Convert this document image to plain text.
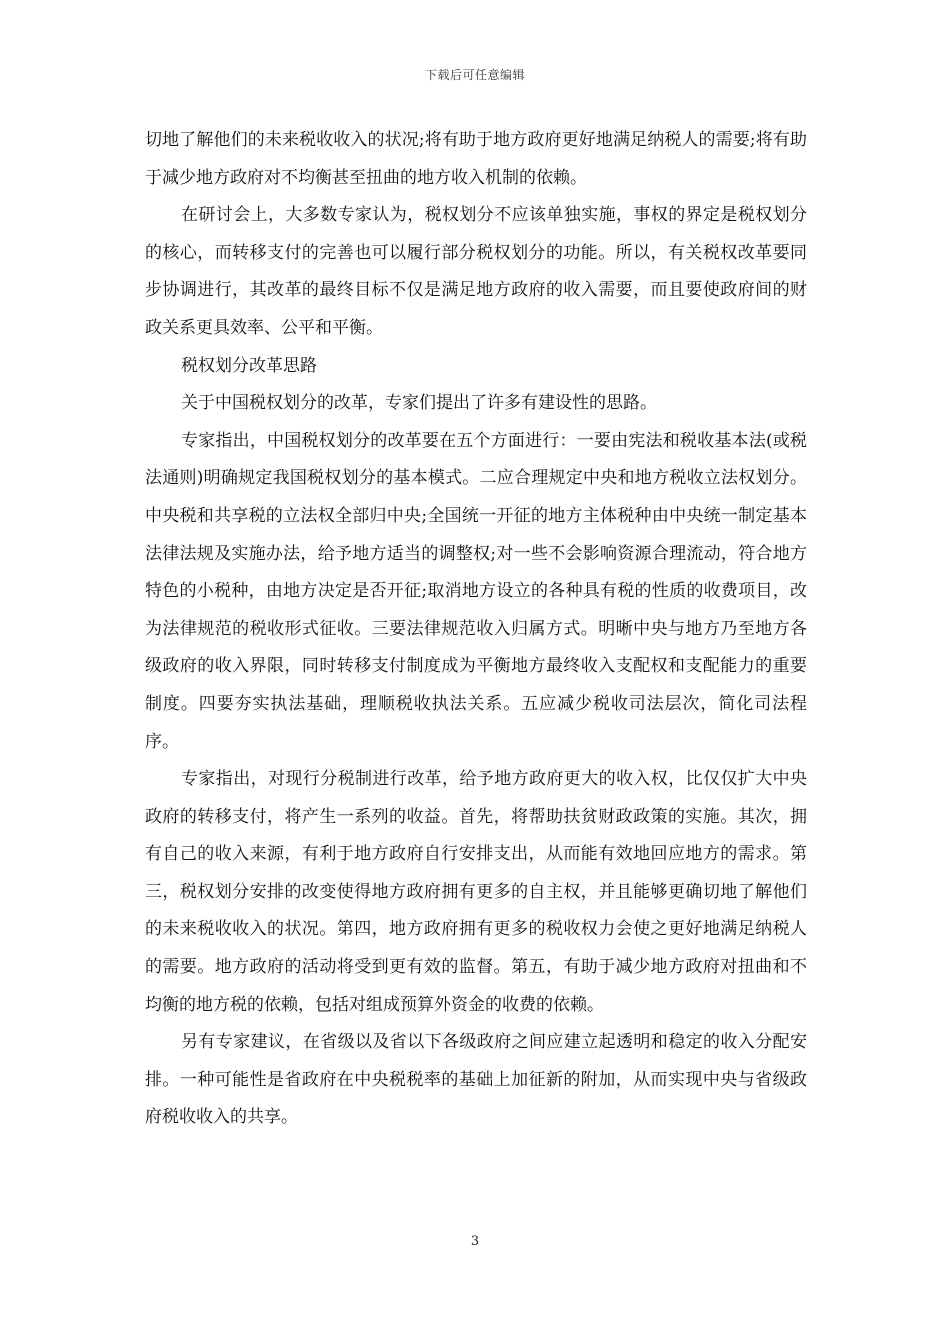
下载后可任意编辑

切地了解他们的未来税收收入的状况;将有助于地方政府更好地满足纳税人的需要;将有助于减少地方政府对不均衡甚至扭曲的地方收入机制的依赖。

在研讨会上，大多数专家认为，税权划分不应该单独实施，事权的界定是税权划分的核心，而转移支付的完善也可以履行部分税权划分的功能。所以，有关税权改革要同步协调进行，其改革的最终目标不仅是满足地方政府的收入需要，而且要使政府间的财政关系更具效率、公平和平衡。

税权划分改革思路

关于中国税权划分的改革，专家们提出了许多有建设性的思路。

专家指出，中国税权划分的改革要在五个方面进行：一要由宪法和税收基本法(或税法通则)明确规定我国税权划分的基本模式。二应合理规定中央和地方税收立法权划分。中央税和共享税的立法权全部归中央;全国统一开征的地方主体税种由中央统一制定基本法律法规及实施办法，给予地方适当的调整权;对一些不会影响资源合理流动，符合地方特色的小税种，由地方决定是否开征;取消地方设立的各种具有税的性质的收费项目，改为法律规范的税收形式征收。三要法律规范收入归属方式。明晰中央与地方乃至地方各级政府的收入界限，同时转移支付制度成为平衡地方最终收入支配权和支配能力的重要制度。四要夯实执法基础，理顺税收执法关系。五应减少税收司法层次，简化司法程序。

专家指出，对现行分税制进行改革，给予地方政府更大的收入权，比仅仅扩大中央政府的转移支付，将产生一系列的收益。首先，将帮助扶贫财政政策的实施。其次，拥有自己的收入来源，有利于地方政府自行安排支出，从而能有效地回应地方的需求。第三，税权划分安排的改变使得地方政府拥有更多的自主权，并且能够更确切地了解他们的未来税收收入的状况。第四，地方政府拥有更多的税收权力会使之更好地满足纳税人的需要。地方政府的活动将受到更有效的监督。第五，有助于减少地方政府对扭曲和不均衡的地方税的依赖，包括对组成预算外资金的收费的依赖。

另有专家建议，在省级以及省以下各级政府之间应建立起透明和稳定的收入分配安排。一种可能性是省政府在中央税税率的基础上加征新的附加，从而实现中央与省级政府税收收入的共享。

3
